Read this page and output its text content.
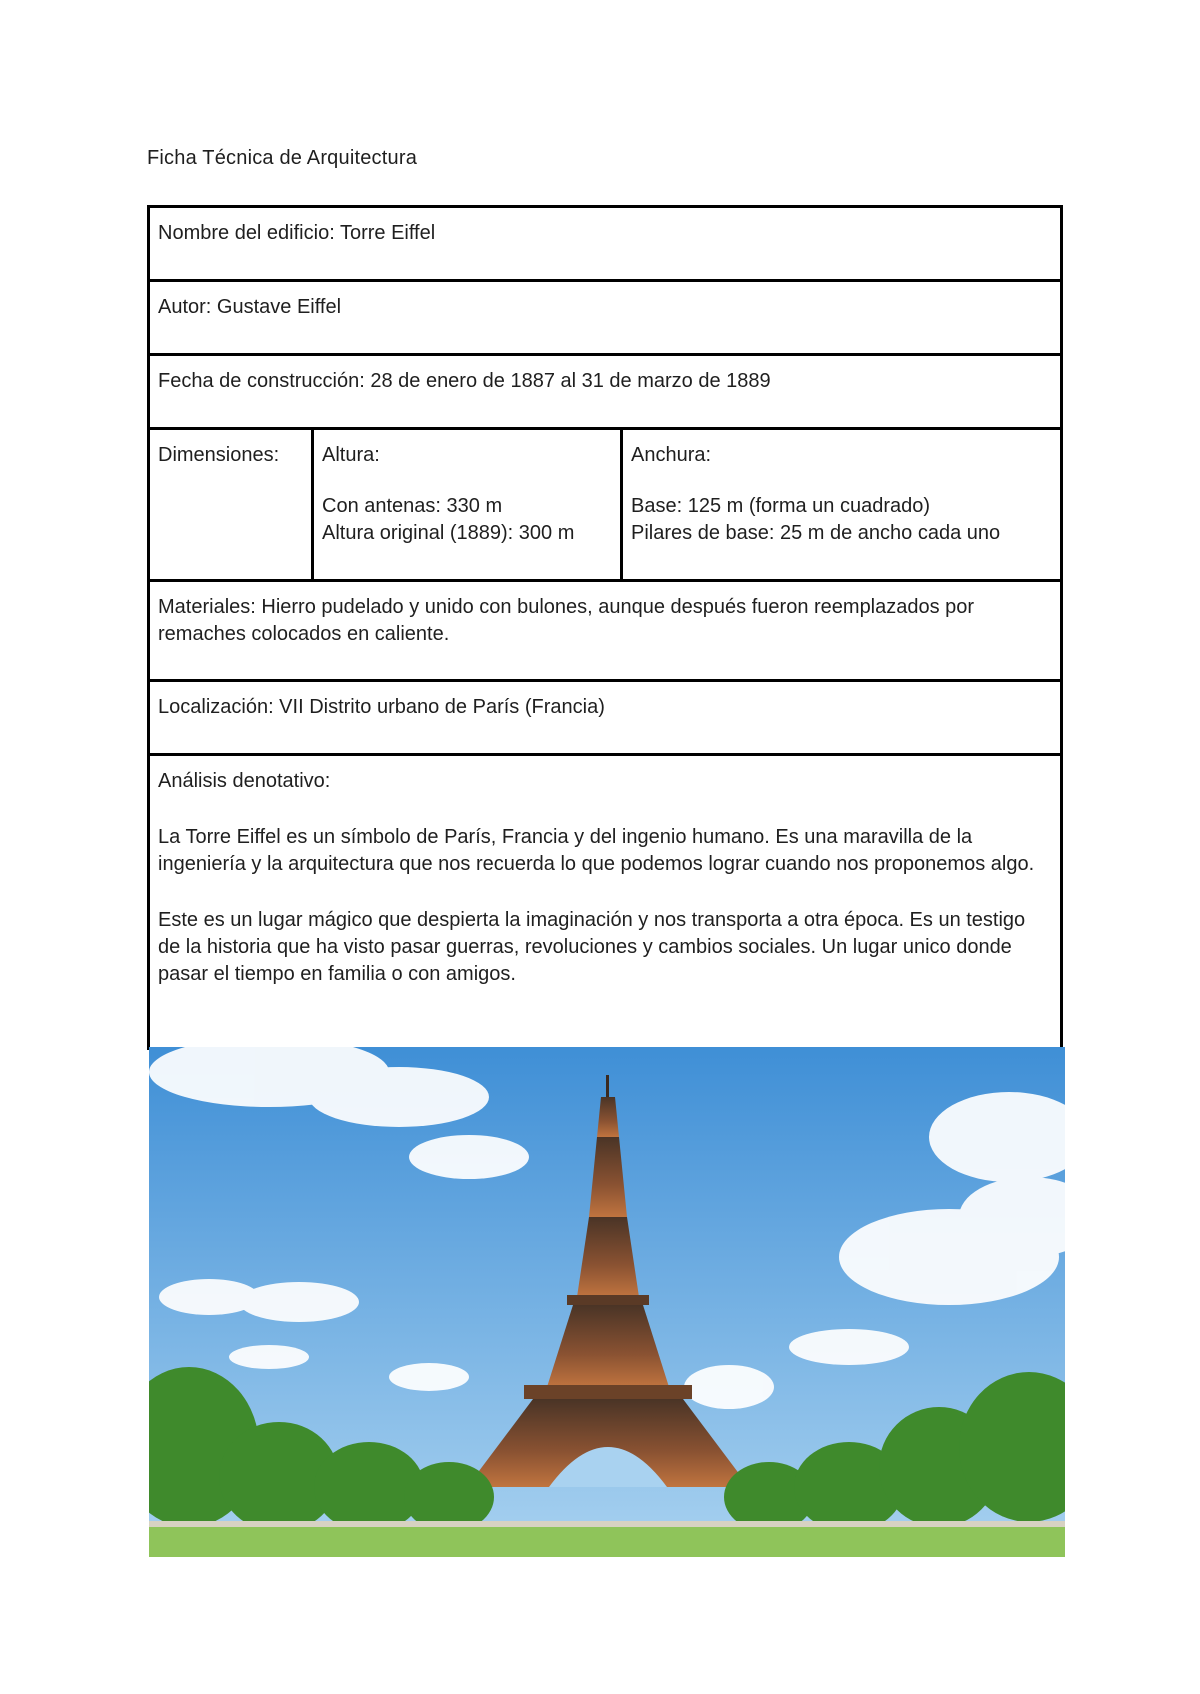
Ficha Técnica de Arquitectura
Nombre del edificio: Torre Eiffel
Autor: Gustave Eiffel
Fecha de construcción: 28 de enero de 1887 al 31 de marzo de 1889
Dimensiones:	Altura:
Con antenas: 330 m
Altura original (1889): 300 m
Anchura:
Base: 125 m (forma un cuadrado)
Pilares de base: 25 m de ancho cada uno
Materiales: Hierro pudelado y unido con bulones, aunque después fueron reemplazados por remaches colocados en caliente.
Localización: VII Distrito urbano de París (Francia)

Análisis denotativo:

La Torre Eiffel es un símbolo de París, Francia y del ingenio humano. Es una maravilla de la ingeniería y la arquitectura que nos recuerda lo que podemos lograr cuando nos proponemos algo.

Este es un lugar mágico que despierta la imaginación y nos transporta a otra época. Es un testigo de la historia que ha visto pasar guerras, revoluciones y cambios sociales. Un lugar unico donde pasar el tiempo en familia o con amigos.
